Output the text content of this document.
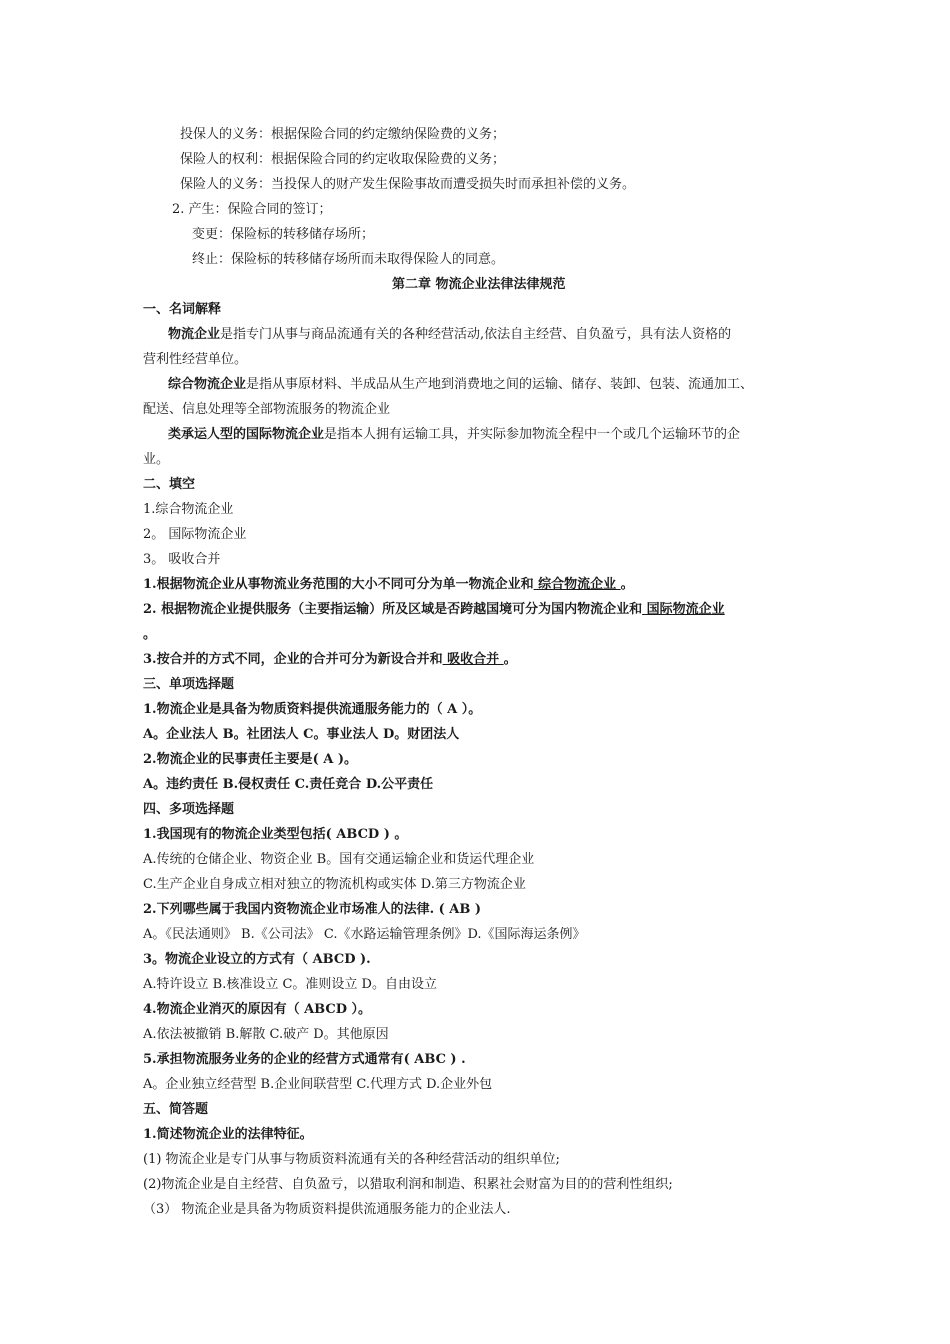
投保人的义务：根据保险合同的约定缴纳保险费的义务；
保险人的权利：根据保险合同的约定收取保险费的义务；
保险人的义务：当投保人的财产发生保险事故而遭受损失时而承担补偿的义务。
2. 产生：保险合同的签订；
变更：保险标的转移储存场所；
终止：保险标的转移储存场所而未取得保险人的同意。
第二章 物流企业法律法律规范
一、名词解释
物流企业是指专门从事与商品流通有关的各种经营活动,依法自主经营、自负盈亏，具有法人资格的
营利性经营单位。
综合物流企业是指从事原材料、半成品从生产地到消费地之间的运输、储存、装卸、包装、流通加工、
配送、信息处理等全部物流服务的物流企业
类承运人型的国际物流企业是指本人拥有运输工具，并实际参加物流全程中一个或几个运输环节的企
业。
二、填空
1.综合物流企业
2。 国际物流企业
3。 吸收合并
1.根据物流企业从事物流业务范围的大小不同可分为单一物流企业和 综合物流企业 。
2. 根据物流企业提供服务（主要指运输）所及区域是否跨越国境可分为国内物流企业和 国际物流企业
。
3.按合并的方式不同，企业的合并可分为新设合并和 吸收合并 。
三、单项选择题
1.物流企业是具备为物质资料提供流通服务能力的（ A ）。
A。企业法人 B。社团法人 C。事业法人 D。财团法人
2.物流企业的民事责任主要是( A )。
A。违约责任 B.侵权责任 C.责任竞合 D.公平责任
四、多项选择题
1.我国现有的物流企业类型包括( ABCD ) 。
A.传统的仓储企业、物资企业 B。国有交通运输企业和货运代理企业
C.生产企业自身成立相对独立的物流机构或实体 D.第三方物流企业
2.下列哪些属于我国内资物流企业市场准人的法律. ( AB )
A。《民法通则》 B.《公司法》 C.《水路运输管理条例》D.《国际海运条例》
3。物流企业设立的方式有（ ABCD ).
A.特许设立 B.核准设立 C。准则设立 D。自由设立
4.物流企业消灭的原因有（ ABCD ）。
A.依法被撤销 B.解散 C.破产 D。其他原因
5.承担物流服务业务的企业的经营方式通常有( ABC ) .
A。企业独立经营型 B.企业间联营型 C.代理方式 D.企业外包
五、简答题
1.简述物流企业的法律特征。
(1) 物流企业是专门从事与物质资料流通有关的各种经营活动的组织单位;
(2)物流企业是自主经营、自负盈亏，以猎取利润和制造、积累社会财富为目的的营利性组织;
（3） 物流企业是具备为物质资料提供流通服务能力的企业法人.
